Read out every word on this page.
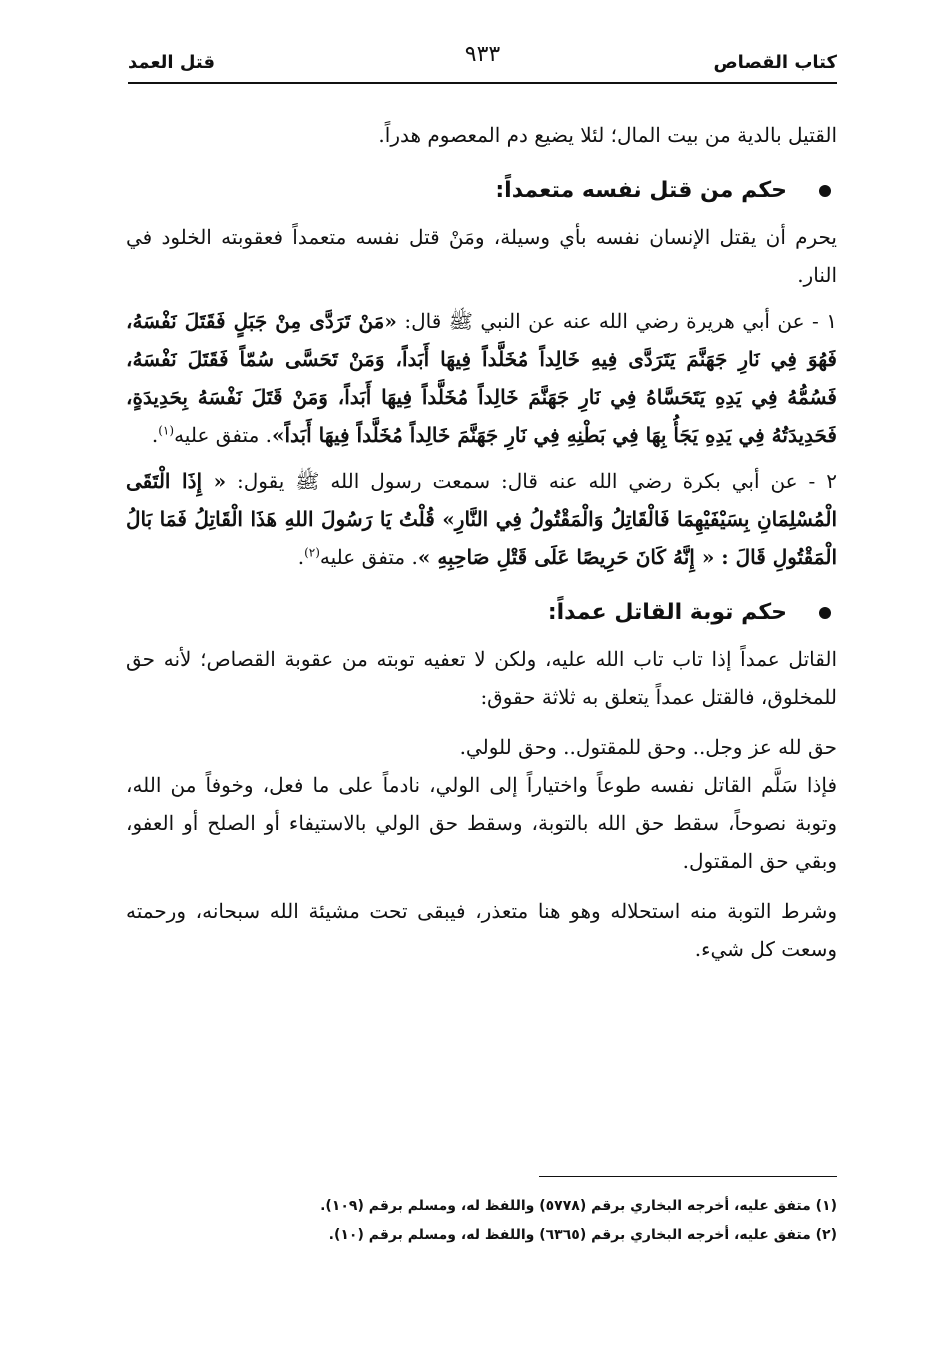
كتاب القصاص
٩٣٣
قتل العمد

القتيل بالدية من بيت المال؛ لئلا يضيع دم المعصوم هدراً.

حكم من قتل نفسه متعمداً:

يحرم أن يقتل الإنسان نفسه بأي وسيلة، ومَنْ قتل نفسه متعمداً فعقوبته الخلود في النار.

١ - عن أبي هريرة رضي الله عنه عن النبي ﷺ قال: «مَنْ تَرَدَّى مِنْ جَبَلٍ فَقَتَلَ نَفْسَهُ، فَهُوَ فِي نَارِ جَهَنَّمَ يَتَرَدَّى فِيهِ خَالِداً مُخَلَّداً فِيهَا أَبَداً، وَمَنْ تَحَسَّى سُمّاً فَقَتَلَ نَفْسَهُ، فَسُمُّهُ فِي يَدِهِ يَتَحَسَّاهُ فِي نَارِ جَهَنَّمَ خَالِداً مُخَلَّداً فِيهَا أَبَداً، وَمَنْ قَتَلَ نَفْسَهُ بِحَدِيدَةٍ، فَحَدِيدَتُهُ فِي يَدِهِ يَجَأُ بِهَا فِي بَطْنِهِ فِي نَارِ جَهَنَّمَ خَالِداً مُخَلَّداً فِيهَا أَبَداً». متفق عليه$^{(١)}$.

٢ - عن أبي بكرة رضي الله عنه قال: سمعت رسول الله ﷺ يقول: « إِذَا الْتَقَى الْمُسْلِمَانِ بِسَيْفَيْهِمَا فَالْقَاتِلُ وَالْمَقْتُولُ فِي النَّارِ» قُلْتُ يَا رَسُولَ اللهِ هَذَا الْقَاتِلُ فَمَا بَالُ الْمَقْتُولِ قَالَ : « إِنَّهُ كَانَ حَرِيصًا عَلَى قَتْلِ صَاحِبِهِ ». متفق عليه$^{(٢)}$.

حكم توبة القاتل عمداً:

القاتل عمداً إذا تاب تاب الله عليه، ولكن لا تعفيه توبته من عقوبة القصاص؛ لأنه حق للمخلوق، فالقتل عمداً يتعلق به ثلاثة حقوق:

حق لله عز وجل.. وحق للمقتول.. وحق للولي.

فإذا سَلَّم القاتل نفسه طوعاً واختياراً إلى الولي، نادماً على ما فعل، وخوفاً من الله، وتوبة نصوحاً، سقط حق الله بالتوبة، وسقط حق الولي بالاستيفاء أو الصلح أو العفو، وبقي حق المقتول.

وشرط التوبة منه استحلاله وهو هنا متعذر، فيبقى تحت مشيئة الله سبحانه، ورحمته وسعت كل شيء.

(١) متفق عليه، أخرجه البخاري برقم (٥٧٧٨) واللفظ له، ومسلم برقم (١٠٩).

(٢) متفق عليه، أخرجه البخاري برقم (٦٣٦٥) واللفظ له، ومسلم برقم (١٠).
